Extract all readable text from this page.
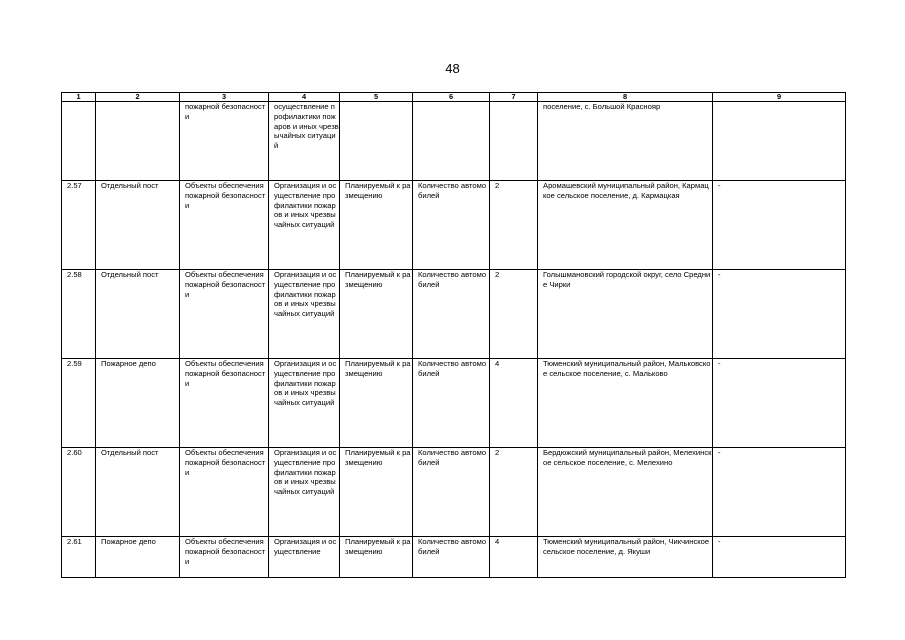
48
1	2	3	4	5	6	7	8	9
		пожарной безопасности	осуществление профилактики пожаров и иных чрезвычайных ситуаций				поселение, с. Большой Краснояр	
2.57	Отдельный пост	Объекты обеспечения пожарной безопасности	Организация и осуществление профилактики пожаров и иных чрезвычайных ситуаций	Планируемый к размещению	Количество автомобилей	2	Аромашевский муниципальный район, Кармацкое сельское поселение, д. Кармацкая	-
2.58	Отдельный пост	Объекты обеспечения пожарной безопасности	Организация и осуществление профилактики пожаров и иных чрезвычайных ситуаций	Планируемый к размещению	Количество автомобилей	2	Голышмановский городской округ, село Средние Чирки	-
2.59	Пожарное депо	Объекты обеспечения пожарной безопасности	Организация и осуществление профилактики пожаров и иных чрезвычайных ситуаций	Планируемый к размещению	Количество автомобилей	4	Тюменский муниципальный район, Мальковское сельское поселение, с. Мальково	-
2.60	Отдельный пост	Объекты обеспечения пожарной безопасности	Организация и осуществление профилактики пожаров и иных чрезвычайных ситуаций	Планируемый к размещению	Количество автомобилей	2	Бердюжский муниципальный район, Мелехинское сельское поселение, с. Мелехино	-
2.61	Пожарное депо	Объекты обеспечения пожарной безопасности	Организация и осуществление	Планируемый к размещению	Количество автомобилей	4	Тюменский муниципальный район, Чикчинское сельское поселение, д. Якуши	-
